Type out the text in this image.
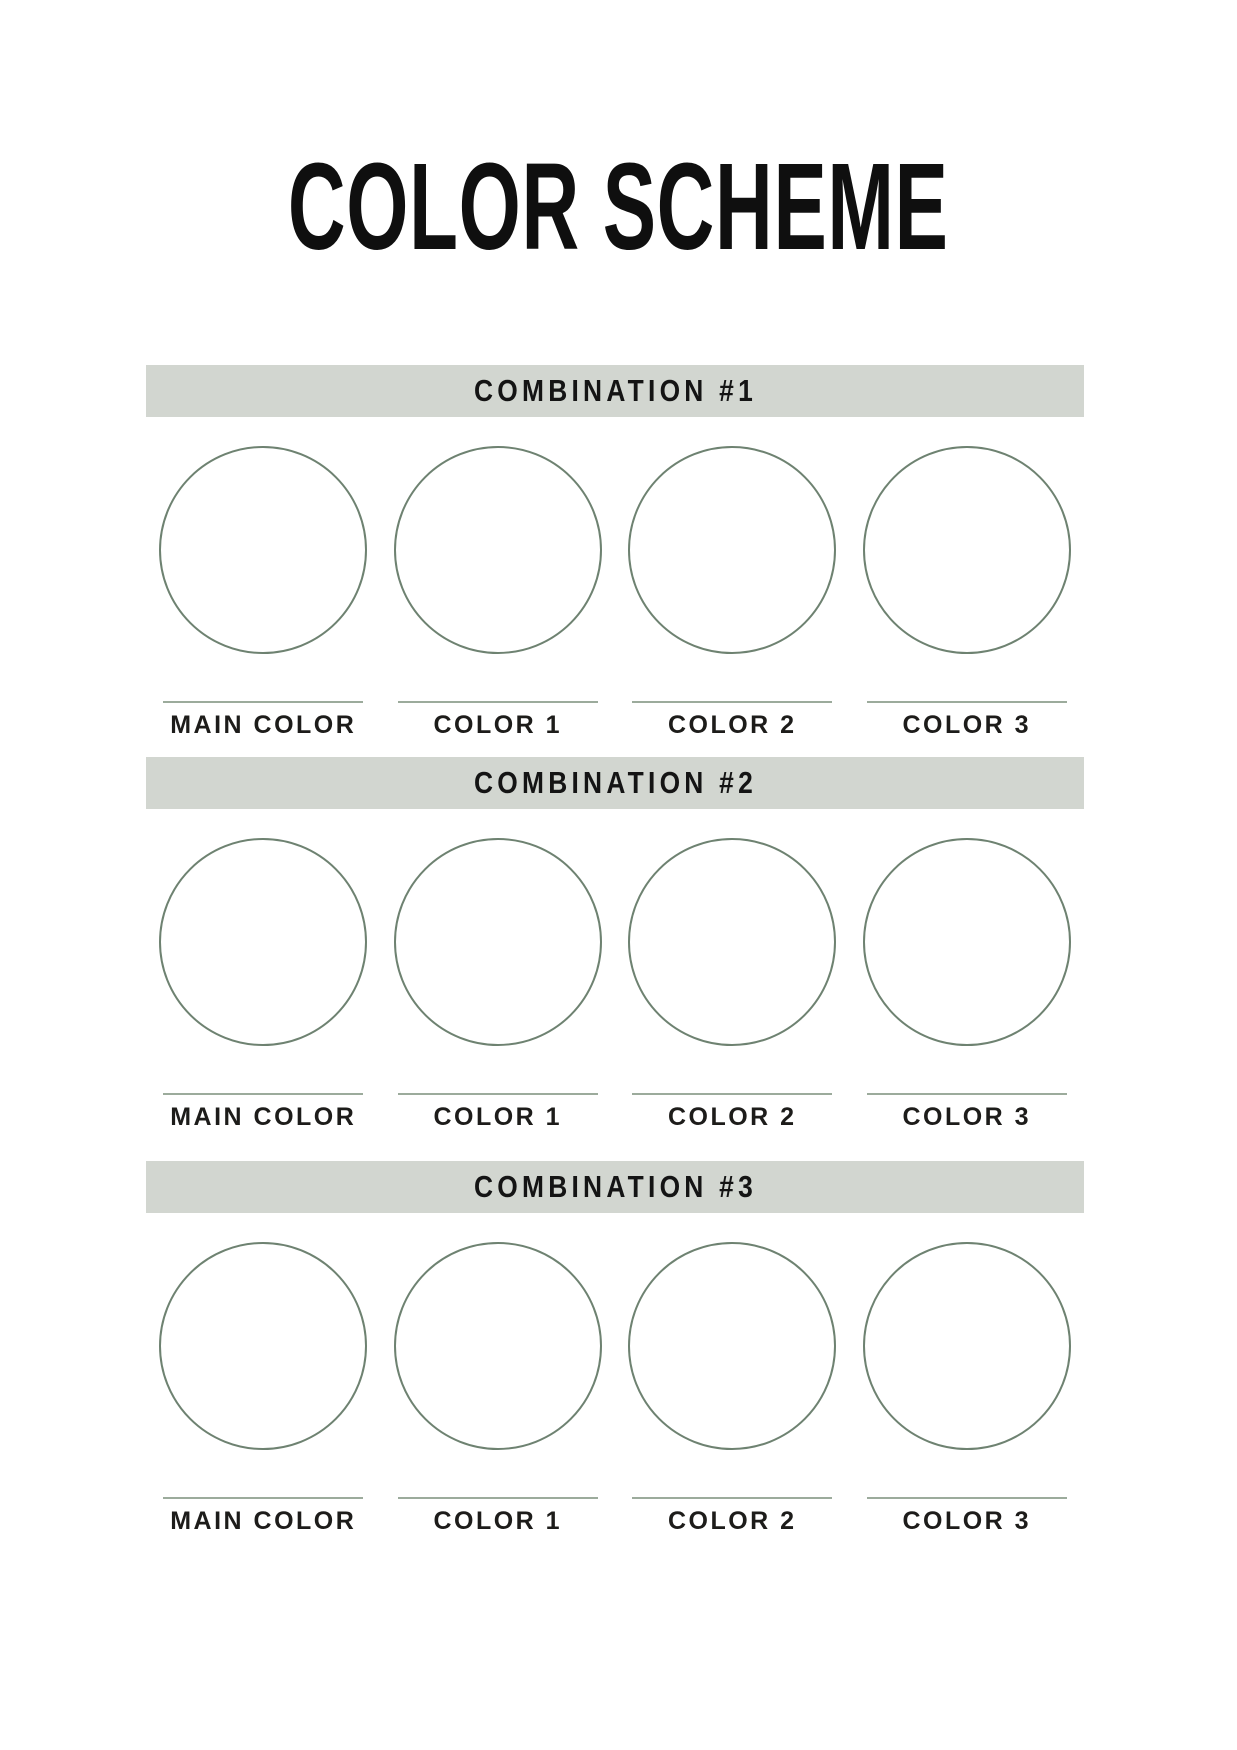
COLOR SCHEME
COMBINATION #1
MAIN COLOR	COLOR 1	COLOR 2	COLOR 3
COMBINATION #2
MAIN COLOR	COLOR 1	COLOR 2	COLOR 3
COMBINATION #3
MAIN COLOR	COLOR 1	COLOR 2	COLOR 3
